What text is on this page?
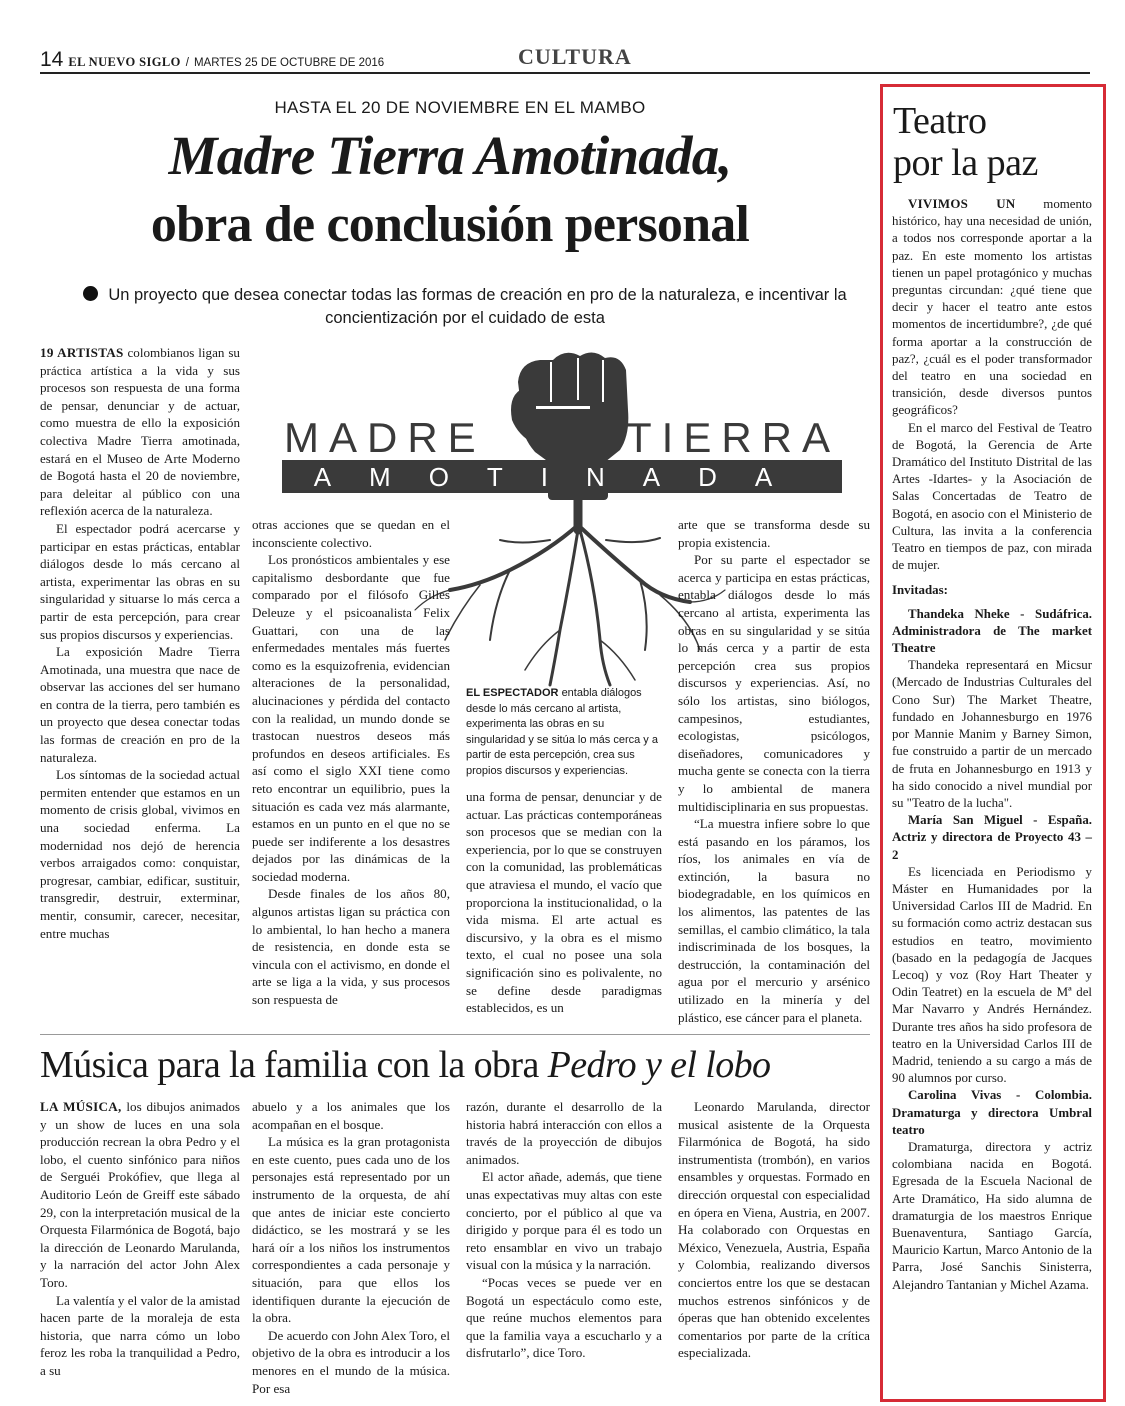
14 EL NUEVO SIGLO / MARTES 25 DE OCTUBRE DE 2016	CULTURA
HASTA EL 20 DE NOVIEMBRE EN EL MAMBO
Madre Tierra Amotinada,
obra de conclusión personal
Un proyecto que desea conectar todas las formas de creación en pro de la naturaleza, e incentivar la concientización por el cuidado de esta

19 ARTISTAS colombianos ligan su práctica artística a la vida y sus procesos son respuesta de una forma de pensar, denunciar y de actuar, como muestra de ello la exposición colectiva Madre Tierra amotinada, estará en el Museo de Arte Moderno de Bogotá hasta el 20 de noviembre, para deleitar al público con una reflexión acerca de la naturaleza.

El espectador podrá acercarse y participar en estas prácticas, entablar diálogos desde lo más cercano al artista, experimentar las obras en su singularidad y situarse lo más cerca a partir de esta percepción, para crear sus propios discursos y experiencias.

La exposición Madre Tierra Amotinada, una muestra que nace de observar las acciones del ser humano en contra de la tierra, pero también es un proyecto que desea conectar todas las formas de creación en pro de la naturaleza.

Los síntomas de la sociedad actual permiten entender que estamos en un momento de crisis global, vivimos en una sociedad enferma. La modernidad nos dejó de herencia verbos arraigados como: conquistar, progresar, cambiar, edificar, sustituir, transgredir, destruir, exterminar, mentir, consumir, carecer, necesitar, entre muchas

MADRE	TIERRA
AMOTINADA

otras acciones que se quedan en el inconsciente colectivo.

Los pronósticos ambientales y ese capitalismo desbordante que fue comparado por el filósofo Gilles Deleuze y el psicoanalista Felix Guattari, con una de las enfermedades mentales más fuertes como es la esquizofrenia, evidencian alteraciones de la personalidad, alucinaciones y pérdida del contacto con la realidad, un mundo donde se trastocan nuestros deseos más profundos en deseos artificiales. Es así como el siglo XXI tiene como reto encontrar un equilibrio, pues la situación es cada vez más alarmante, estamos en un punto en el que no se puede ser indiferente a los desastres dejados por las dinámicas de la sociedad moderna.

Desde finales de los años 80, algunos artistas ligan su práctica con lo ambiental, lo han hecho a manera de resistencia, en donde esta se vincula con el activismo, en donde el arte se liga a la vida, y sus procesos son respuesta de

EL ESPECTADOR entabla diálogos desde lo más cercano al artista, experimenta las obras en su singularidad y se sitúa lo más cerca y a partir de esta percepción, crea sus propios discursos y experiencias.

una forma de pensar, denunciar y de actuar. Las prácticas contemporáneas son procesos que se median con la experiencia, por lo que se construyen con la comunidad, las problemáticas que atraviesa el mundo, el vacío que proporciona la institucionalidad, o la vida misma. El arte actual es discursivo, y la obra es el mismo texto, el cual no posee una sola significación sino es polivalente, no se define desde paradigmas establecidos, es un

arte que se transforma desde su propia existencia.

Por su parte el espectador se acerca y participa en estas prácticas, entabla diálogos desde lo más cercano al artista, experimenta las obras en su singularidad y se sitúa lo más cerca y a partir de esta percepción crea sus propios discursos y experiencias. Así, no sólo los artistas, sino biólogos, campesinos, estudiantes, ecologistas, psicólogos, diseñadores, comunicadores y mucha gente se conecta con la tierra y lo ambiental de manera multidisciplinaria en sus propuestas.

“La muestra infiere sobre lo que está pasando en los páramos, los ríos, los animales en vía de extinción, la basura no biodegradable, en los químicos en los alimentos, las patentes de las semillas, el cambio climático, la tala indiscriminada de los bosques, la destrucción, la contaminación del agua por el mercurio y arsénico utilizado en la minería y del plástico, ese cáncer para el planeta.

Música para la familia con la obra Pedro y el lobo

LA MÚSICA, los dibujos animados y un show de luces en una sola producción recrean la obra Pedro y el lobo, el cuento sinfónico para niños de Serguéi Prokófiev, que llega al Auditorio León de Greiff este sábado 29, con la interpretación musical de la Orquesta Filarmónica de Bogotá, bajo la dirección de Leonardo Marulanda, y la narración del actor John Alex Toro.

La valentía y el valor de la amistad hacen parte de la moraleja de esta historia, que narra cómo un lobo feroz les roba la tranquilidad a Pedro, a su

abuelo y a los animales que los acompañan en el bosque.

La música es la gran protagonista en este cuento, pues cada uno de los personajes está representado por un instrumento de la orquesta, de ahí que antes de iniciar este concierto didáctico, se les mostrará y se les hará oír a los niños los instrumentos correspondientes a cada personaje y situación, para que ellos los identifiquen durante la ejecución de la obra.

De acuerdo con John Alex Toro, el objetivo de la obra es introducir a los menores en el mundo de la música. Por esa

razón, durante el desarrollo de la historia habrá interacción con ellos a través de la proyección de dibujos animados.

El actor añade, además, que tiene unas expectativas muy altas con este concierto, por el público al que va dirigido y porque para él es todo un reto ensamblar en vivo un trabajo visual con la música y la narración.

“Pocas veces se puede ver en Bogotá un espectáculo como este, que reúne muchos elementos para que la familia vaya a escucharlo y a disfrutarlo”, dice Toro.

Leonardo Marulanda, director musical asistente de la Orquesta Filarmónica de Bogotá, ha sido instrumentista (trombón), en varios ensambles y orquestas. Formado en dirección orquestal con especialidad en ópera en Viena, Austria, en 2007. Ha colaborado con Orquestas en México, Venezuela, Austria, España y Colombia, realizando diversos conciertos entre los que se destacan muchos estrenos sinfónicos y de óperas que han obtenido excelentes comentarios por parte de la crítica especializada.

Teatro
por la paz

VIVIMOS UN momento histórico, hay una necesidad de unión, a todos nos corresponde aportar a la paz. En este momento los artistas tienen un papel protagónico y muchas preguntas circundan: ¿qué tiene que decir y hacer el teatro ante estos momentos de incertidumbre?, ¿de qué forma aportar a la construcción de paz?, ¿cuál es el poder transformador del teatro en una sociedad en transición, desde diversos puntos geográficos?

En el marco del Festival de Teatro de Bogotá, la Gerencia de Arte Dramático del Instituto Distrital de las Artes -Idartes- y la Asociación de Salas Concertadas de Teatro de Bogotá, en asocio con el Ministerio de Cultura, las invita a la conferencia Teatro en tiempos de paz, con mirada de mujer.

Invitadas:

Thandeka Nheke - Sudáfrica. Administradora de The market Theatre

Thandeka representará en Micsur (Mercado de Industrias Culturales del Cono Sur) The Market Theatre, fundado en Johannesburgo en 1976 por Mannie Manim y Barney Simon, fue construido a partir de un mercado de fruta en Johannesburgo en 1913 y ha sido conocido a nivel mundial por su "Teatro de la lucha".

María San Miguel - España. Actriz y directora de Proyecto 43 – 2

Es licenciada en Periodismo y Máster en Humanidades por la Universidad Carlos III de Madrid. En su formación como actriz destacan sus estudios en teatro, movimiento (basado en la pedagogía de Jacques Lecoq) y voz (Roy Hart Theater y Odin Teatret) en la escuela de Mª del Mar Navarro y Andrés Hernández. Durante tres años ha sido profesora de teatro en la Universidad Carlos III de Madrid, teniendo a su cargo a más de 90 alumnos por curso.

Carolina Vivas - Colombia. Dramaturga y directora Umbral teatro

Dramaturga, directora y actriz colombiana nacida en Bogotá. Egresada de la Escuela Nacional de Arte Dramático, Ha sido alumna de dramaturgia de los maestros Enrique Buenaventura, Santiago García, Mauricio Kartun, Marco Antonio de la Parra, José Sanchis Sinisterra, Alejandro Tantanian y Michel Azama.
